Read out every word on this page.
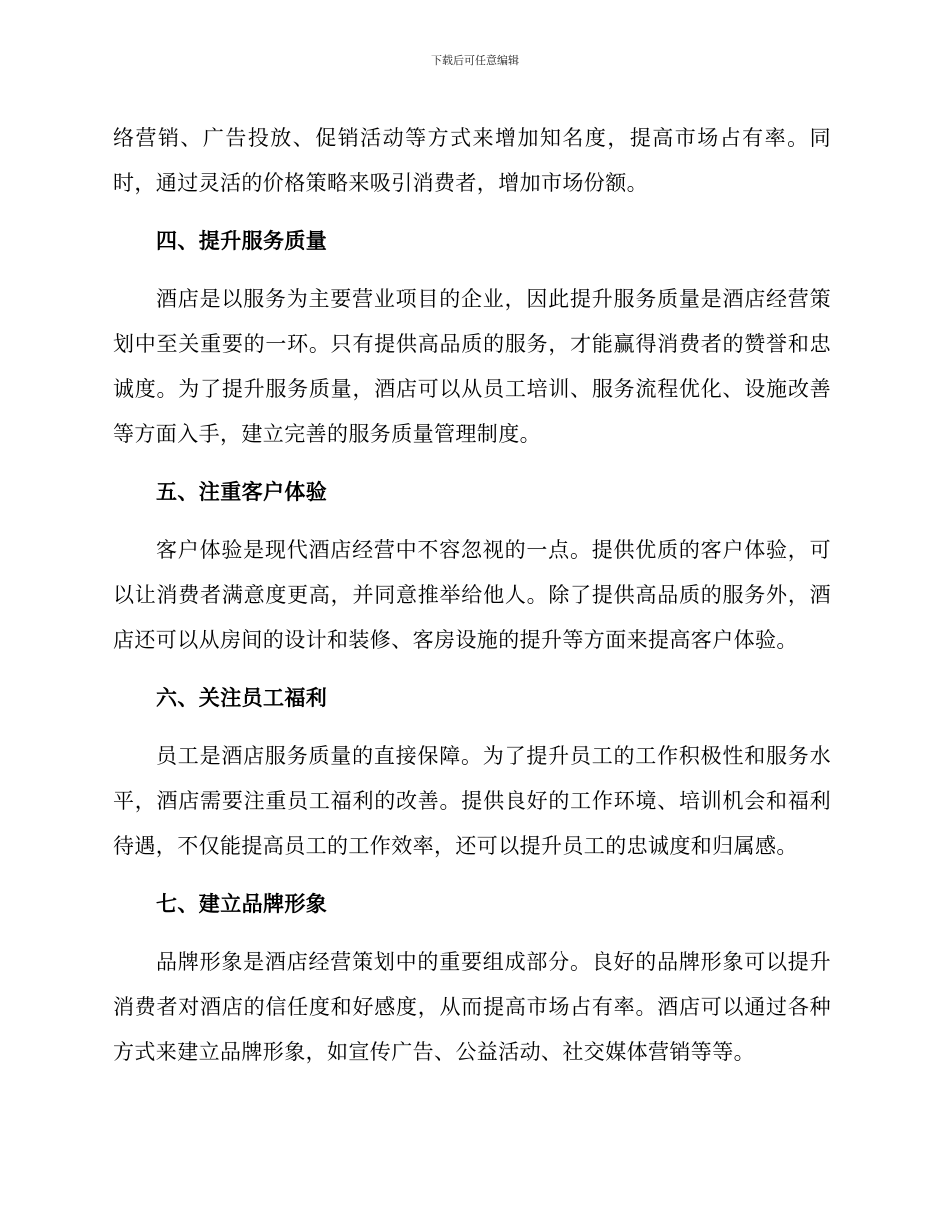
下载后可任意编辑

络营销、广告投放、促销活动等方式来增加知名度，提高市场占有率。同时，通过灵活的价格策略来吸引消费者，增加市场份额。

四、提升服务质量

酒店是以服务为主要营业项目的企业，因此提升服务质量是酒店经营策划中至关重要的一环。只有提供高品质的服务，才能赢得消费者的赞誉和忠诚度。为了提升服务质量，酒店可以从员工培训、服务流程优化、设施改善等方面入手，建立完善的服务质量管理制度。

五、注重客户体验

客户体验是现代酒店经营中不容忽视的一点。提供优质的客户体验，可以让消费者满意度更高，并同意推举给他人。除了提供高品质的服务外，酒店还可以从房间的设计和装修、客房设施的提升等方面来提高客户体验。

六、关注员工福利

员工是酒店服务质量的直接保障。为了提升员工的工作积极性和服务水平，酒店需要注重员工福利的改善。提供良好的工作环境、培训机会和福利待遇，不仅能提高员工的工作效率，还可以提升员工的忠诚度和归属感。

七、建立品牌形象

品牌形象是酒店经营策划中的重要组成部分。良好的品牌形象可以提升消费者对酒店的信任度和好感度，从而提高市场占有率。酒店可以通过各种方式来建立品牌形象，如宣传广告、公益活动、社交媒体营销等等。
